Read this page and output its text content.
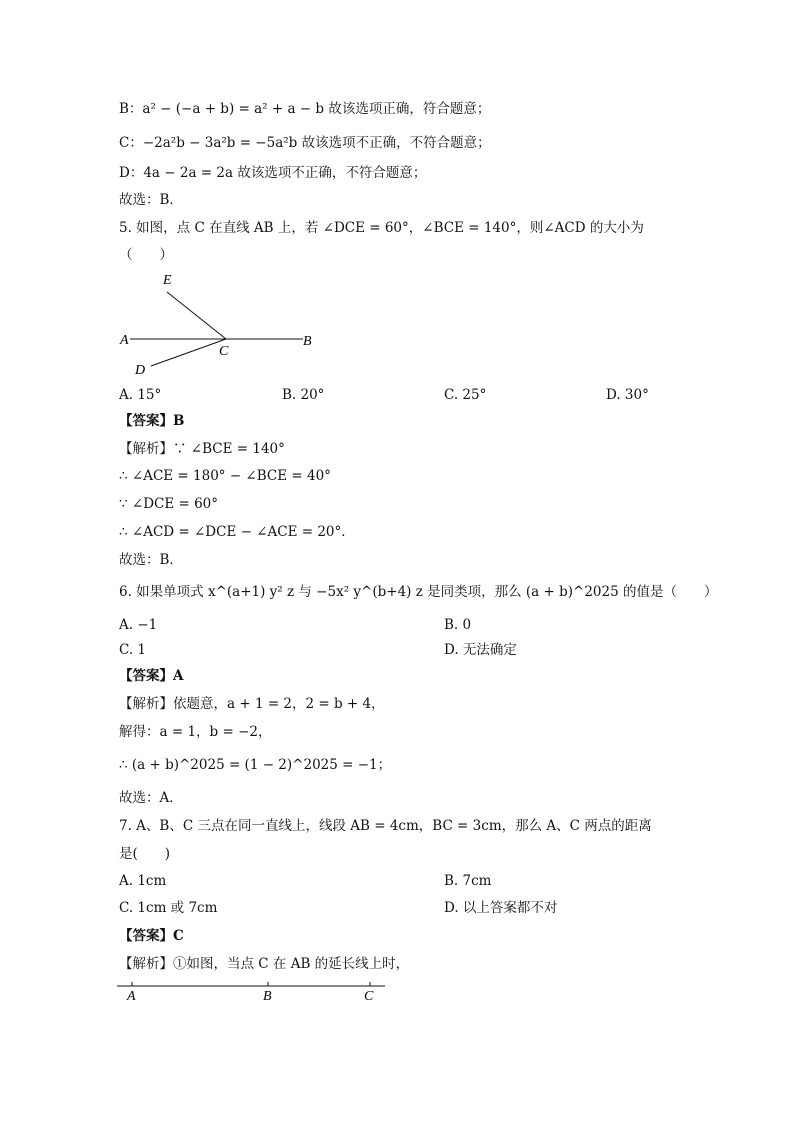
B：a² − (−a + b) = a² + a − b 故该选项正确，符合题意；
C：−2a²b − 3a²b = −5a²b 故该选项不正确，不符合题意；
D：4a − 2a = 2a 故该选项不正确，不符合题意；
故选：B．
5. 如图，点 C 在直线 AB 上，若 ∠DCE = 60°，∠BCE = 140°，则∠ACD 的大小为
（　　）
E
A
C
B
D
A. 15°	B. 20°	C. 25°	D. 30°
【答案】B
【解析】∵ ∠BCE = 140°
∴ ∠ACE = 180° − ∠BCE = 40°
∵ ∠DCE = 60°
∴ ∠ACD = ∠DCE − ∠ACE = 20°．
故选：B．
6. 如果单项式 x^(a+1) y² z 与 −5x² y^(b+4) z 是同类项，那么 (a + b)^2025 的值是（　　）
A. −1	B. 0
C. 1	D. 无法确定
【答案】A
【解析】依题意，a + 1 = 2，2 = b + 4，
解得：a = 1，b = −2，
∴ (a + b)^2025 = (1 − 2)^2025 = −1；
故选：A．
7. A、B、C 三点在同一直线上，线段 AB = 4cm，BC = 3cm，那么 A、C 两点的距离
是(　　)
A. 1cm	B. 7cm
C. 1cm 或 7cm	D. 以上答案都不对
【答案】C
【解析】①如图，当点 C 在 AB 的延长线上时，
A	B	C
